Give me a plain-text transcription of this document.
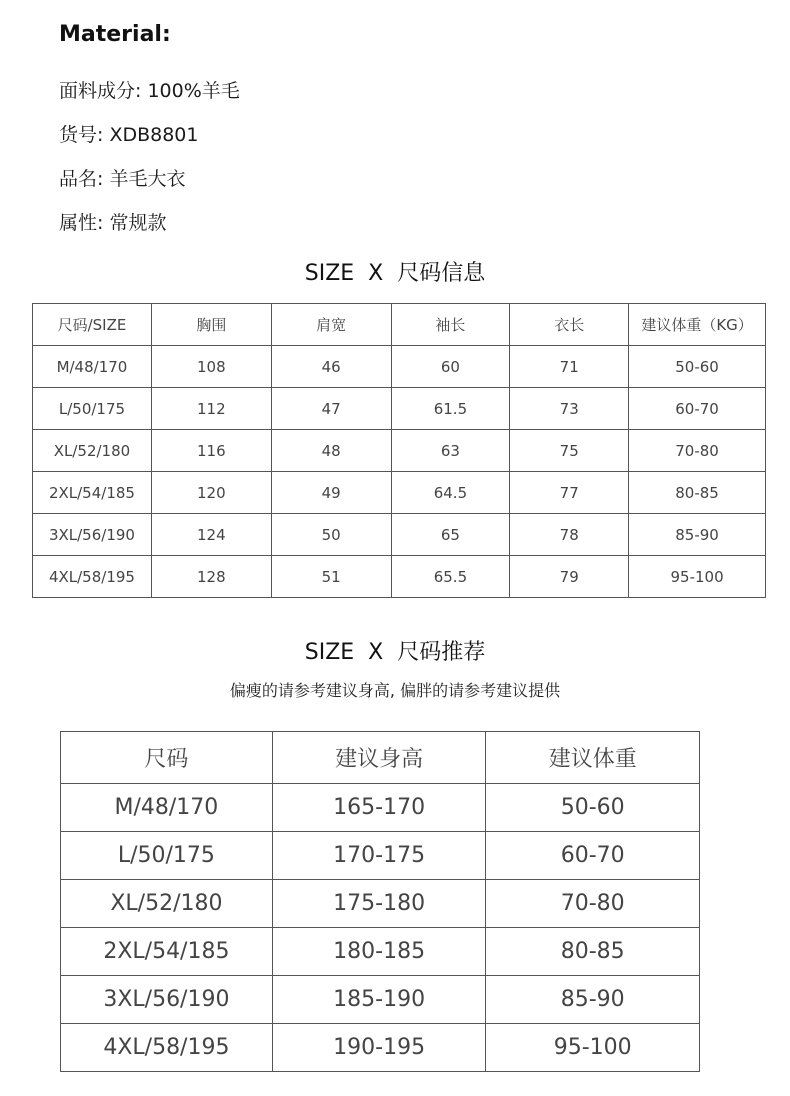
Material:
面料成分: 100%羊毛
货号: XDB8801
品名: 羊毛大衣
属性: 常规款
SIZE X 尺码信息
尺码/SIZE	胸围	肩宽	袖长	衣长	建议体重（KG）
M/48/170	108	46	60	71	50-60
L/50/175	112	47	61.5	73	60-70
XL/52/180	116	48	63	75	70-80
2XL/54/185	120	49	64.5	77	80-85
3XL/56/190	124	50	65	78	85-90
4XL/58/195	128	51	65.5	79	95-100
SIZE X 尺码推荐
偏瘦的请参考建议身高, 偏胖的请参考建议提供
尺码	建议身高	建议体重
M/48/170	165-170	50-60
L/50/175	170-175	60-70
XL/52/180	175-180	70-80
2XL/54/185	180-185	80-85
3XL/56/190	185-190	85-90
4XL/58/195	190-195	95-100
